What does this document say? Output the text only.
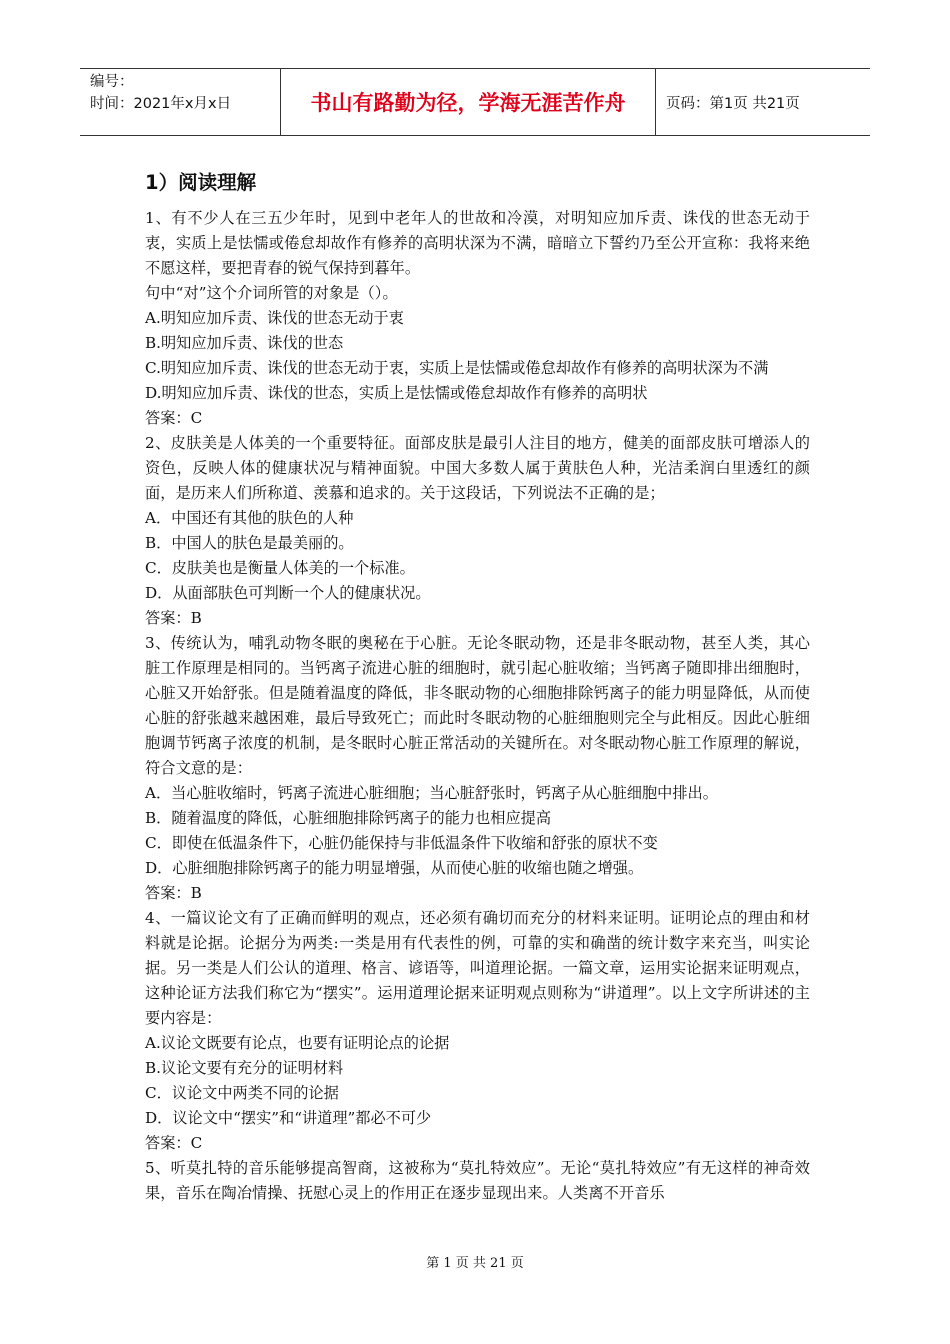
编号：
时间：2021年x月x日	书山有路勤为径，学海无涯苦作舟	页码：第1页 共21页
1）阅读理解

1、有不少人在三五少年时，见到中老年人的世故和冷漠，对明知应加斥责、诛伐的世态无动于衷，实质上是怯懦或倦怠却故作有修养的高明状深为不满，暗暗立下誓约乃至公开宣称：我将来绝不愿这样，要把青春的锐气保持到暮年。

句中“对”这个介词所管的对象是（）。

A.明知应加斥责、诛伐的世态无动于衷

B.明知应加斥责、诛伐的世态

C.明知应加斥责、诛伐的世态无动于衷，实质上是怯懦或倦怠却故作有修养的高明状深为不满

D.明知应加斥责、诛伐的世态，实质上是怯懦或倦怠却故作有修养的高明状

答案：C

2、皮肤美是人体美的一个重要特征。面部皮肤是最引人注目的地方，健美的面部皮肤可增添人的资色，反映人体的健康状况与精神面貌。中国大多数人属于黄肤色人种，光洁柔润白里透红的颜面，是历来人们所称道、羡慕和追求的。关于这段话，下列说法不正确的是；

A．中国还有其他的肤色的人种

B．中国人的肤色是最美丽的。

C．皮肤美也是衡量人体美的一个标准。

D．从面部肤色可判断一个人的健康状况。

答案：B

3、传统认为，哺乳动物冬眠的奥秘在于心脏。无论冬眠动物，还是非冬眠动物，甚至人类，其心脏工作原理是相同的。当钙离子流进心脏的细胞时，就引起心脏收缩；当钙离子随即排出细胞时，心脏又开始舒张。但是随着温度的降低，非冬眠动物的心细胞排除钙离子的能力明显降低，从而使心脏的舒张越来越困难，最后导致死亡；而此时冬眠动物的心脏细胞则完全与此相反。因此心脏细胞调节钙离子浓度的机制，是冬眠时心脏正常活动的关键所在。对冬眠动物心脏工作原理的解说，符合文意的是：

A．当心脏收缩时，钙离子流进心脏细胞；当心脏舒张时，钙离子从心脏细胞中排出。

B．随着温度的降低，心脏细胞排除钙离子的能力也相应提高

C．即使在低温条件下，心脏仍能保持与非低温条件下收缩和舒张的原状不变

D．心脏细胞排除钙离子的能力明显增强，从而使心脏的收缩也随之增强。

答案：B

4、一篇议论文有了正确而鲜明的观点，还必须有确切而充分的材料来证明。证明论点的理由和材料就是论据。论据分为两类:一类是用有代表性的例，可靠的实和确凿的统计数字来充当，叫实论据。另一类是人们公认的道理、格言、谚语等，叫道理论据。一篇文章，运用实论据来证明观点，这种论证方法我们称它为“摆实”。运用道理论据来证明观点则称为“讲道理”。以上文字所讲述的主要内容是：

A.议论文既要有论点，也要有证明论点的论据

B.议论文要有充分的证明材料

C．议论文中两类不同的论据

D．议论文中“摆实”和“讲道理”都必不可少

答案：C

5、听莫扎特的音乐能够提高智商，这被称为“莫扎特效应”。无论“莫扎特效应”有无这样的神奇效果，音乐在陶冶情操、抚慰心灵上的作用正在逐步显现出来。人类离不开音乐

第 1 页 共 21 页
